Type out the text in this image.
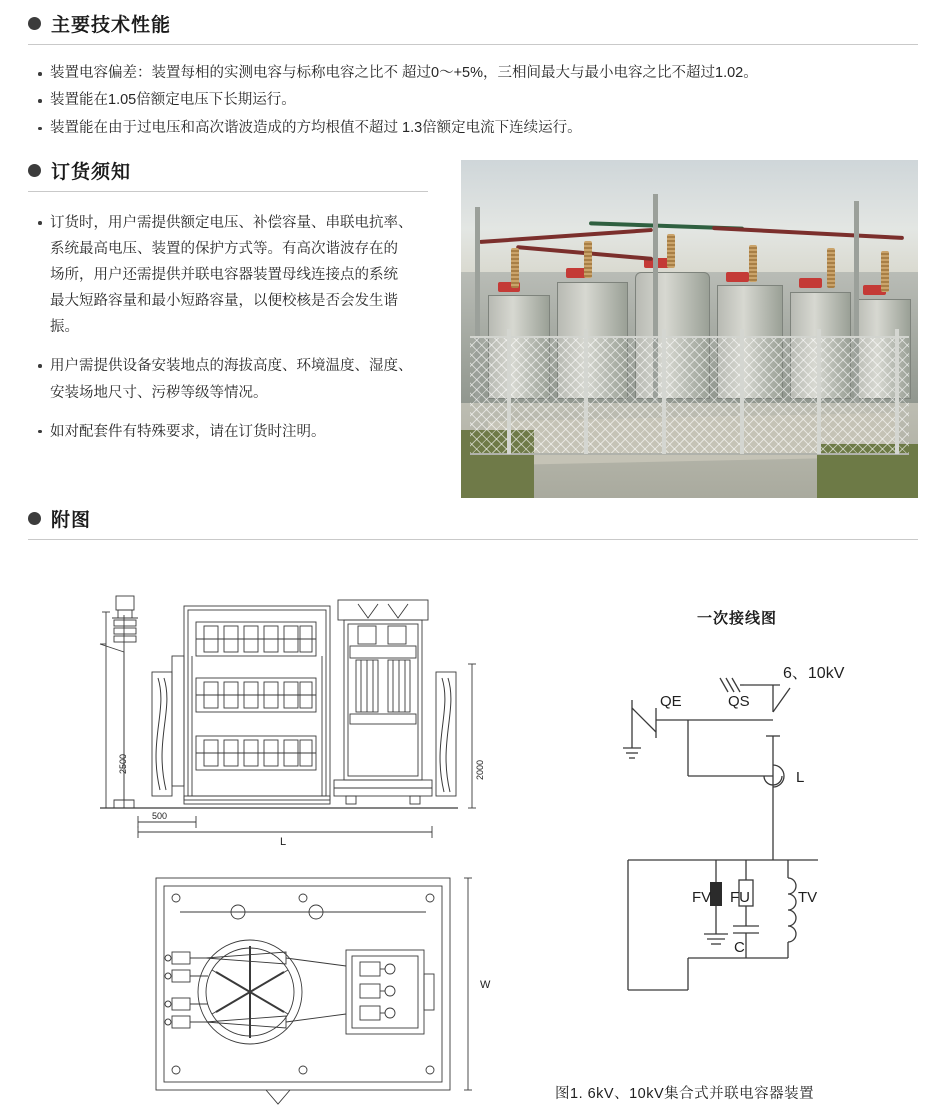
主要技术性能
装置电容偏差：装置每相的实测电容与标称电容之比不 超过0～+5%，三相间最大与最小电容之比不超过1.02。
装置能在1.05倍额定电压下长期运行。
装置能在由于过电压和高次谐波造成的方均根值不超过 1.3倍额定电流下连续运行。
订货须知
订货时，用户需提供额定电压、补偿容量、串联电抗率、系统最高电压、装置的保护方式等。有高次谐波存在的　场所，用户还需提供并联电容器装置母线连接点的系统　最大短路容量和最小短路容量，以便校核是否会发生谐振。
用户需提供设备安装地点的海拔高度、环境温度、湿度、安装场地尺寸、污秽等级等情况。
如对配套件有特殊要求，请在订货时注明。
附图
2500	2000
500
L
W
6、10kV
QE	QS
L
FV FU	TV
C
一次接线图
图1. 6kV、10kV集合式并联电容器装置
